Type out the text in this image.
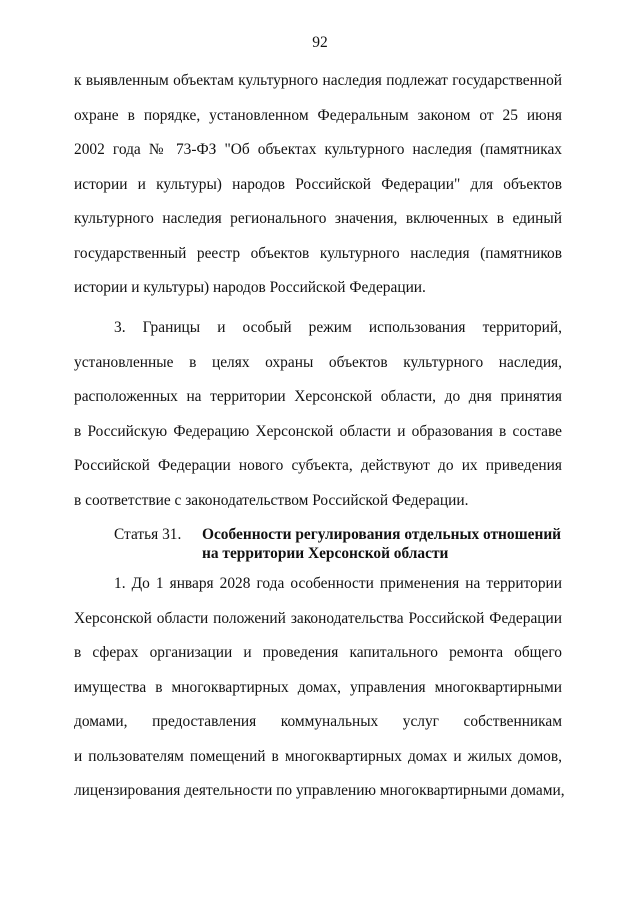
92
к выявленным объектам культурного наследия подлежат государственной
охране в порядке, установленном Федеральным законом от 25 июня
2002 года № 73-ФЗ "Об объектах культурного наследия (памятниках
истории и культуры) народов Российской Федерации" для объектов
культурного наследия регионального значения, включенных в единый
государственный реестр объектов культурного наследия (памятников
истории и культуры) народов Российской Федерации.
3. Границы и особый режим использования территорий,
установленные в целях охраны объектов культурного наследия,
расположенных на территории Херсонской области, до дня принятия
в Российскую Федерацию Херсонской области и образования в составе
Российской Федерации нового субъекта, действуют до их приведения
в соответствие с законодательством Российской Федерации.
Статья 31.	Особенности регулирования отдельных отношений
на территории Херсонской области
1. До 1 января 2028 года особенности применения на территории
Херсонской области положений законодательства Российской Федерации
в сферах организации и проведения капитального ремонта общего
имущества в многоквартирных домах, управления многоквартирными
домами, предоставления коммунальных услуг собственникам
и пользователям помещений в многоквартирных домах и жилых домов,
лицензирования деятельности по управлению многоквартирными домами,
